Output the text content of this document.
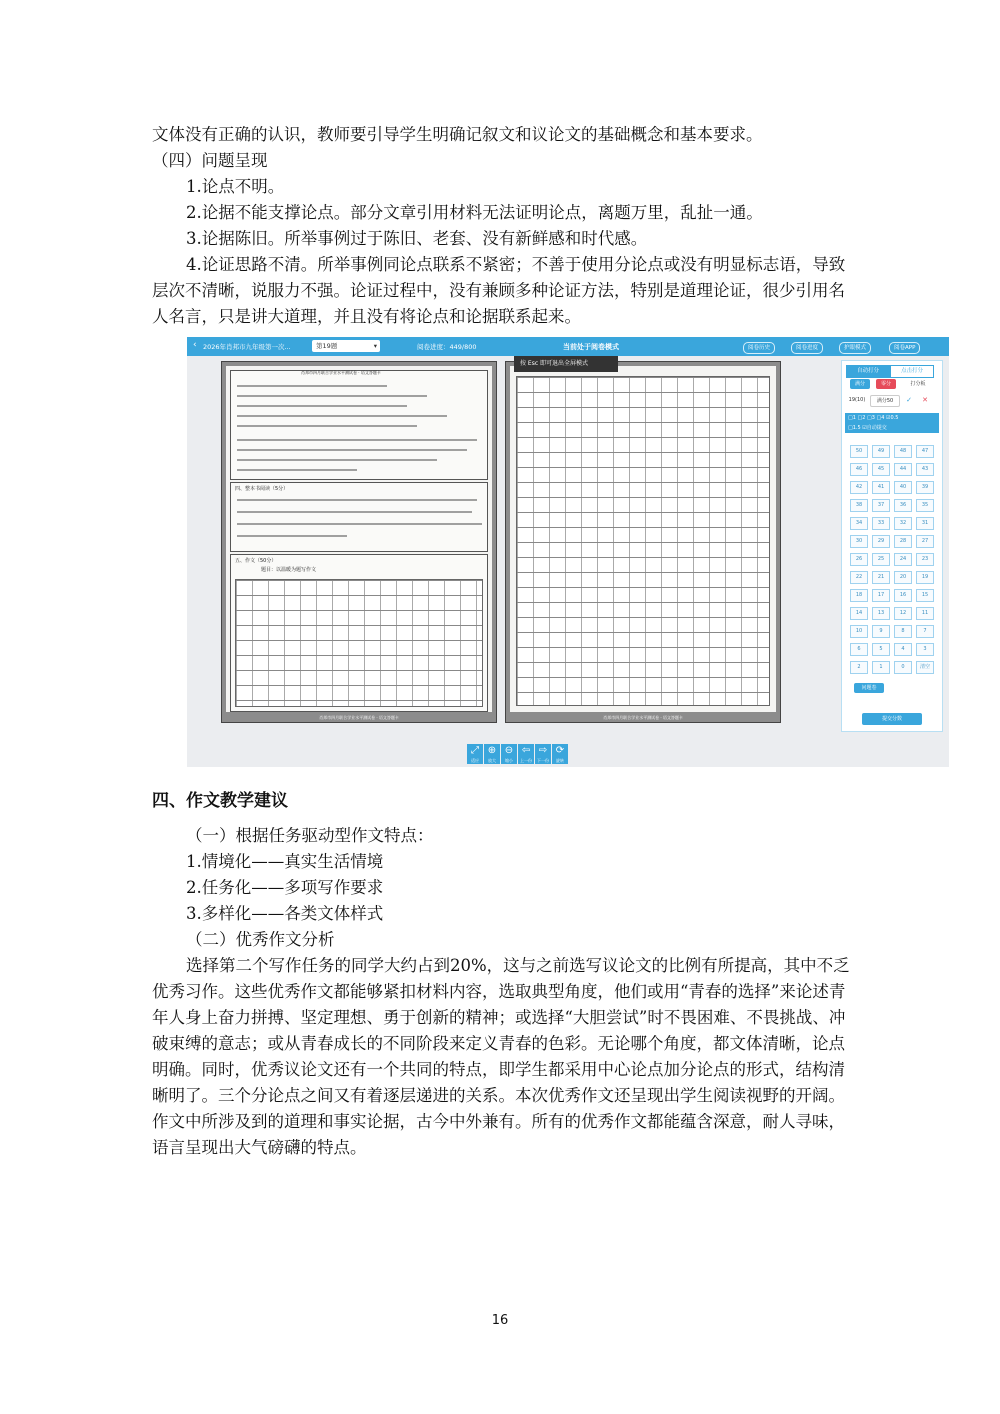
文体没有正确的认识，教师要引导学生明确记叙文和议论文的基础概念和基本要求。

（四）问题呈现

1.论点不明。

2.论据不能支撑论点。部分文章引用材料无法证明论点，离题万里，乱扯一通。

3.论据陈旧。所举事例过于陈旧、老套、没有新鲜感和时代感。

4.论证思路不清。所举事例同论点联系不紧密；不善于使用分论点或没有明显标志语，导致层次不清晰，说服力不强。论证过程中，没有兼顾多种论证方法，特别是道理论证，很少引用名人名言，只是讲大道理，并且没有将论点和论据联系起来。

‹ 2026年肖邦市九年级第一次...	第19题	▾	阅卷进度：449/800	当前处于阅卷模式	阅卷历史	阅卷进度	护眼模式	阅卷APP
肖邦市四月联合学业水平测试卷 · 语文答题卡
四、整本书阅读（5分）
五、作文（50分）
题目：以温暖为题写作文
肖邦市四月联合学业水平测试卷 · 语文答题卡	肖邦市四月联合学业水平测试卷 · 语文答题卡
按 Esc 即可退出全屏模式
自动打分	点击打分
满分	零分	打分板
19(10)	满分50	✓ ✕
□1 □2 □3 □4 ☑0.5
□1.5 ☑自动提交
50	49	48	47
46	45	44	43
42	41	40	39
38	37	36	35
34	33	32	31
30	29	28	27
26	25	24	23
22	21	20	19
18	17	16	15
14	13	12	11
10	9	8	7
6	5	4	3
2	1	0	清空
问题卷
提交分数
⤢
适应
⊕
放大
⊖
缩小
⇦
上一份
⇨
下一份
⟳
旋转

四、作文教学建议

（一）根据任务驱动型作文特点：

1.情境化——真实生活情境

2.任务化——多项写作要求

3.多样化——各类文体样式

（二）优秀作文分析

选择第二个写作任务的同学大约占到20%，这与之前选写议论文的比例有所提高，其中不乏优秀习作。这些优秀作文都能够紧扣材料内容，选取典型角度，他们或用“青春的选择”来论述青年人身上奋力拼搏、坚定理想、勇于创新的精神；或选择“大胆尝试”时不畏困难、不畏挑战、冲破束缚的意志；或从青春成长的不同阶段来定义青春的色彩。无论哪个角度，都文体清晰，论点明确。同时，优秀议论文还有一个共同的特点，即学生都采用中心论点加分论点的形式，结构清晰明了。三个分论点之间又有着逐层递进的关系。本次优秀作文还呈现出学生阅读视野的开阔。作文中所涉及到的道理和事实论据，古今中外兼有。所有的优秀作文都能蕴含深意，耐人寻味，语言呈现出大气磅礴的特点。

16
